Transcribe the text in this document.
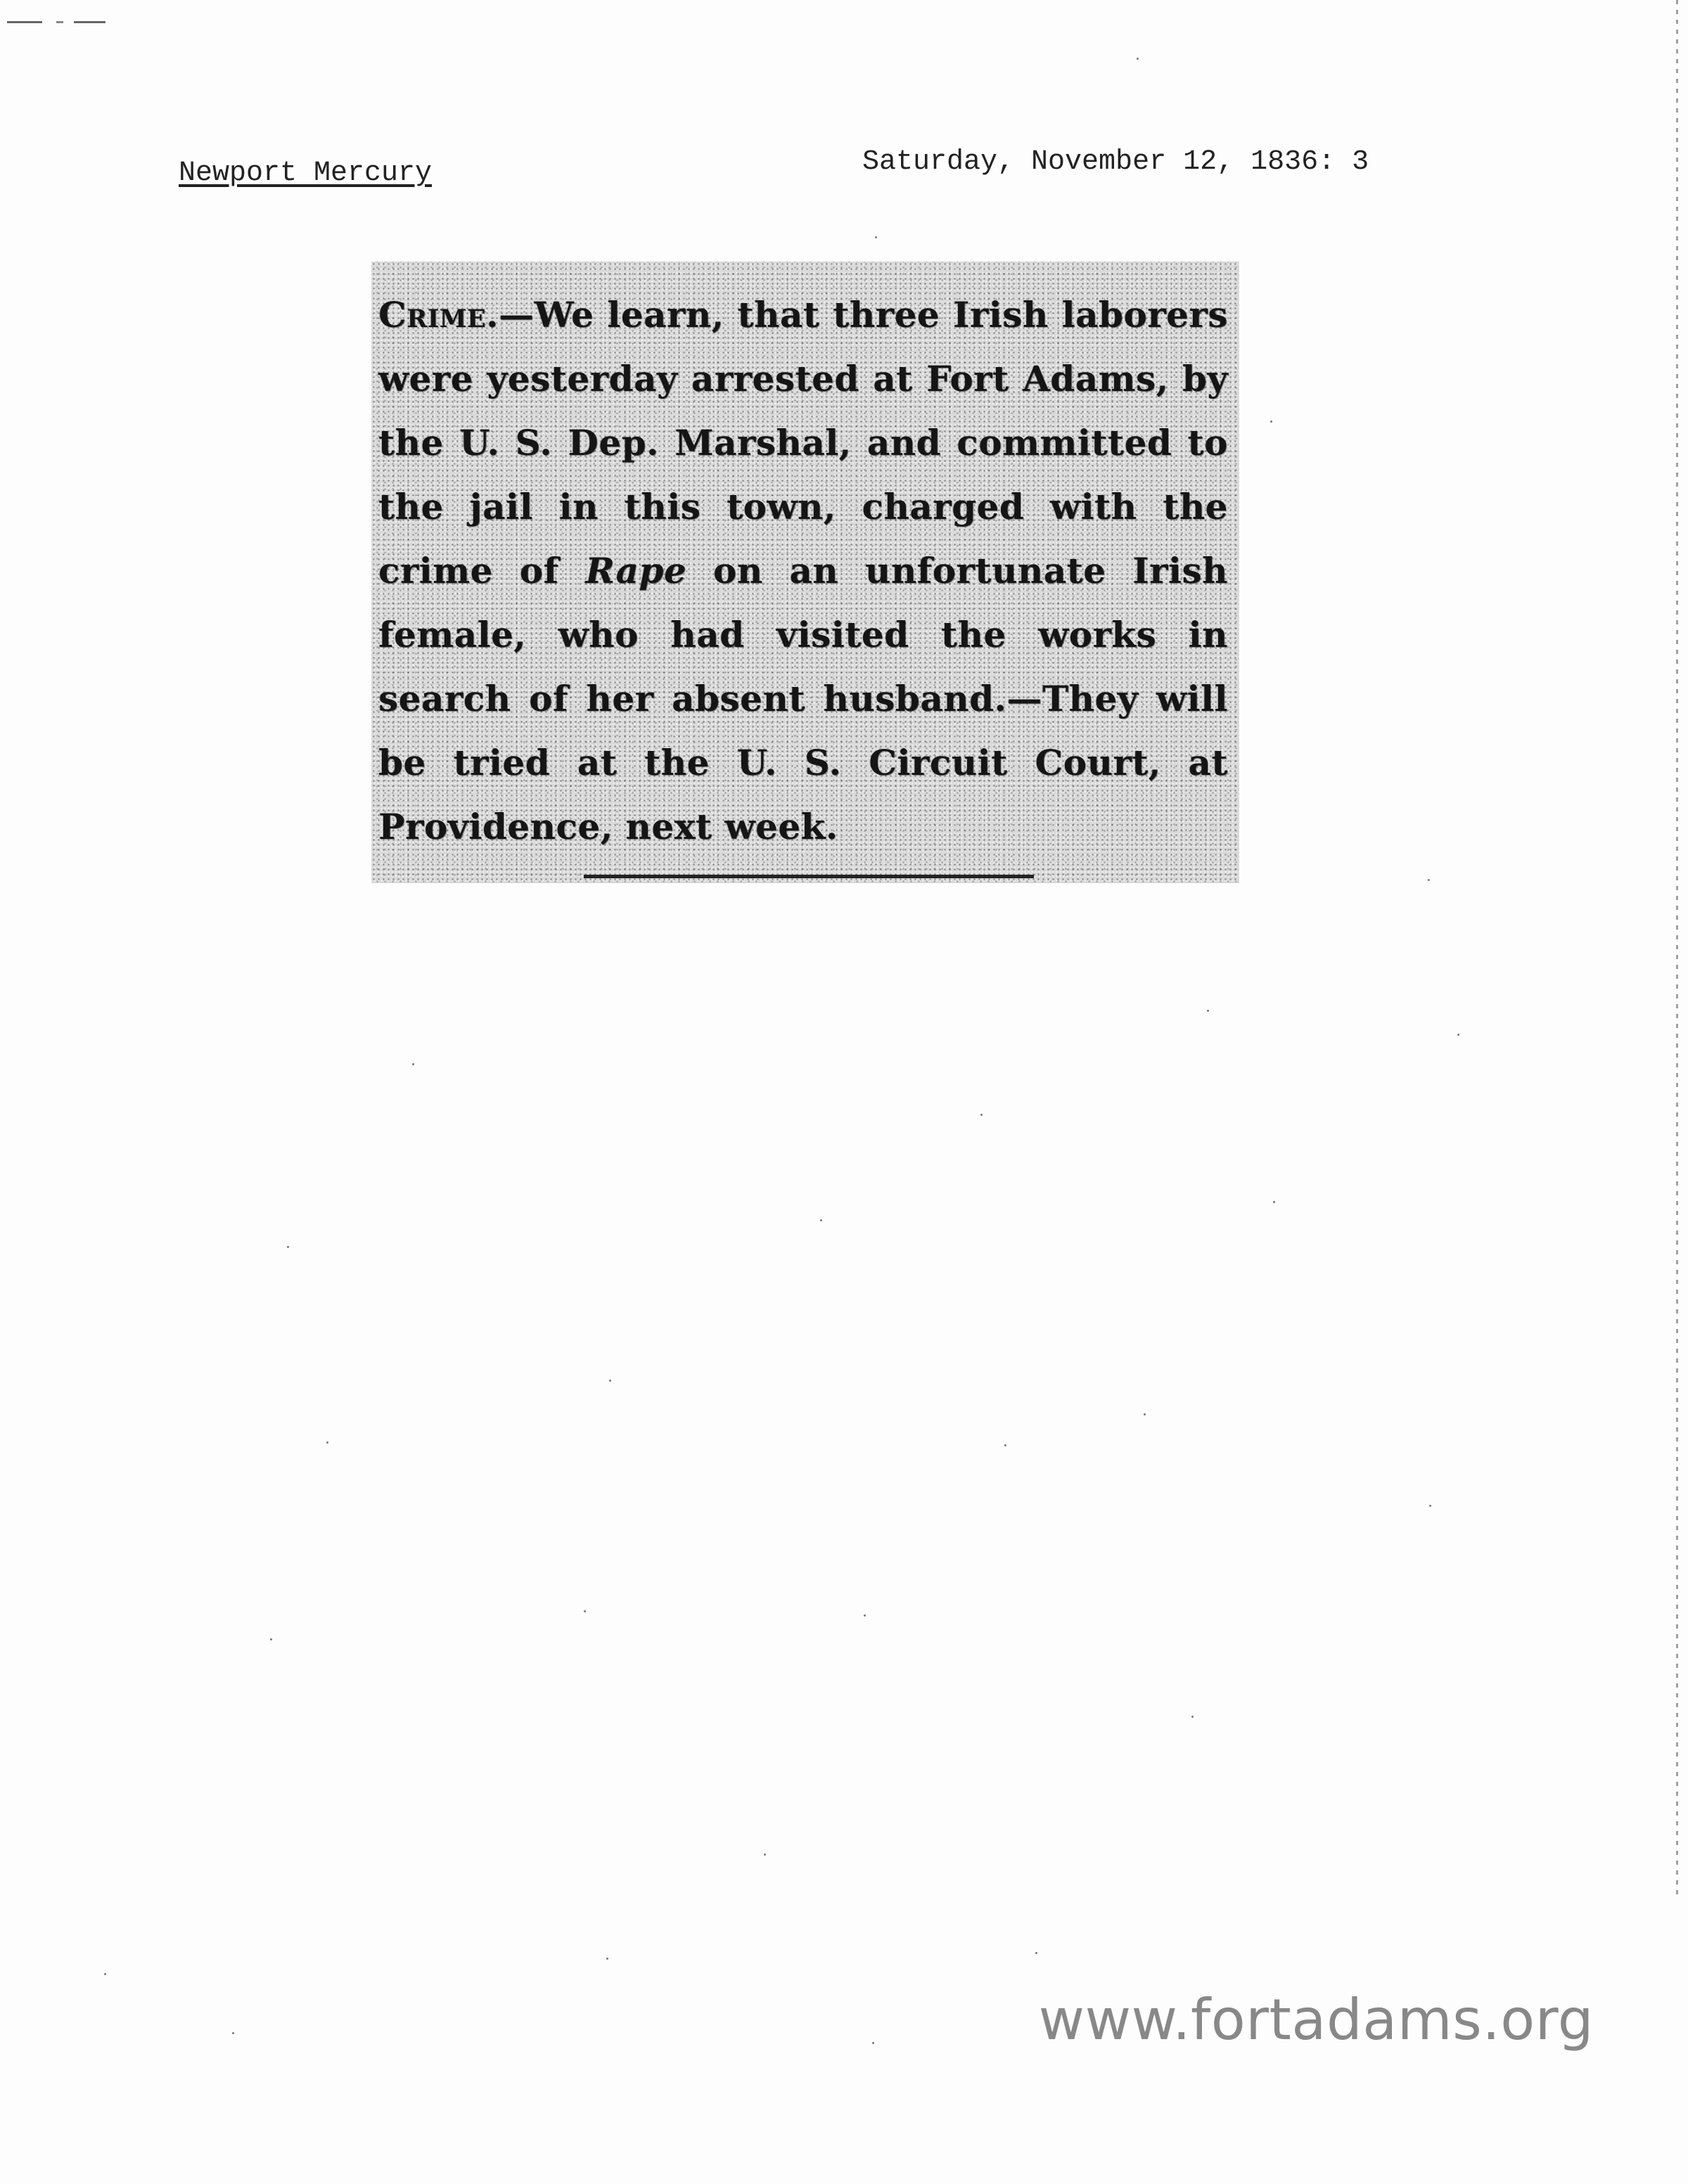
Newport Mercury	Saturday, November 12, 1836: 3

Crime.—We learn, that three Irish laborers were yesterday arrested at Fort Adams, by the U. S. Dep. Marshal, and committed to the jail in this town, charged with the crime of Rape on an unfortunate Irish female, who had visited the works in search of her absent husband.—They will be tried at the U. S. Circuit Court, at Providence, next week.

www.fortadams.org
